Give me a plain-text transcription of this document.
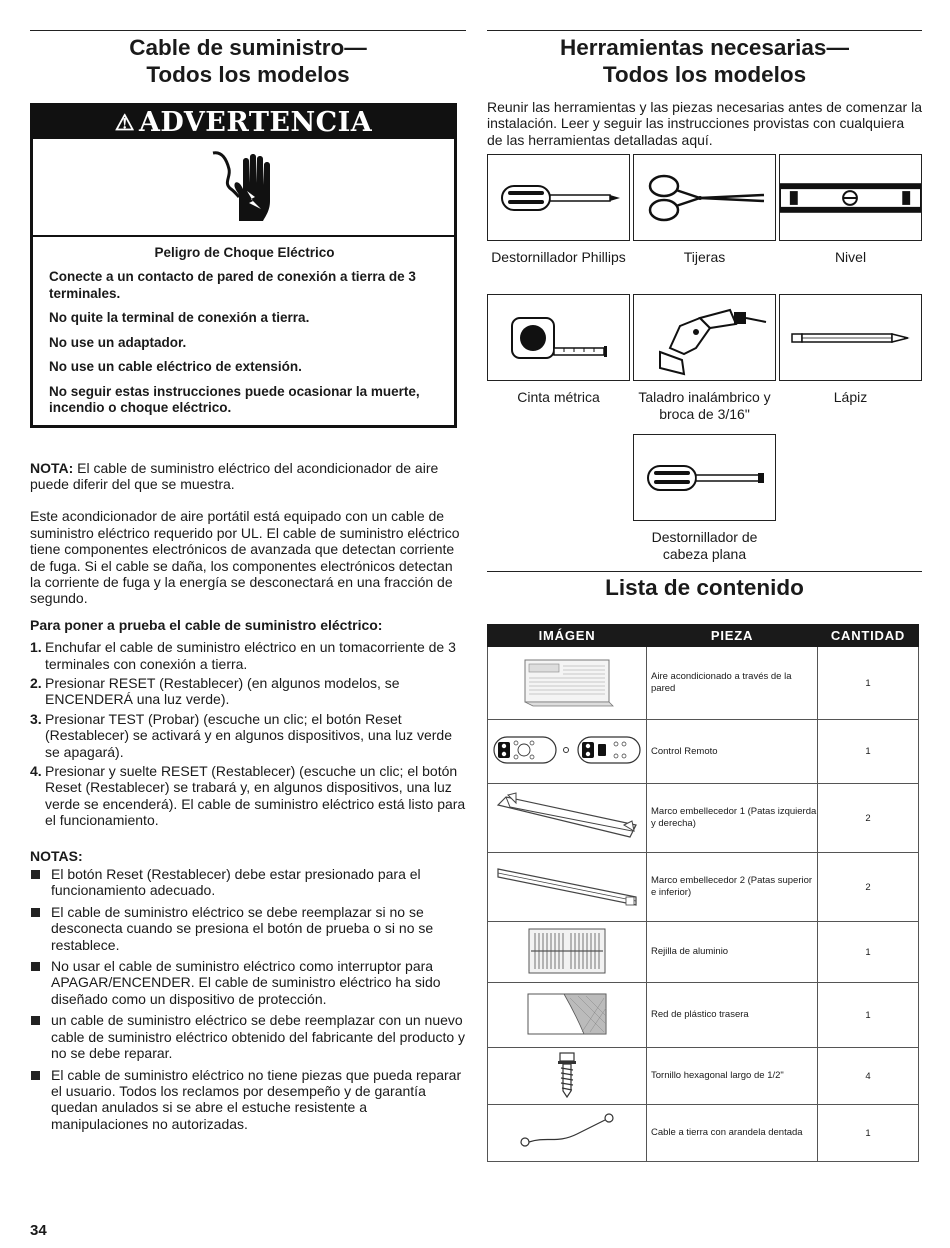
Cable de suministro—
Todos los modelos
⚠ ADVERTENCIA
Peligro de Choque Eléctrico
Conecte a un contacto de pared de conexión a tierra de 3 terminales.
No quite la terminal de conexión a tierra.
No use un adaptador.
No use un cable eléctrico de extensión.
No seguir estas instrucciones puede ocasionar la muerte, incendio o choque eléctrico.

NOTA: El cable de suministro eléctrico del acondicionador de aire puede diferir del que se muestra.

Este acondicionador de aire portátil está equipado con un cable de suministro eléctrico requerido por UL. El cable de suministro eléctrico tiene componentes electrónicos de avanzada que detectan corriente de fuga. Si el cable se daña, los componentes electrónicos detectan la corriente de fuga y la energía se desconectará en una fracción de segundo.

Para poner a prueba el cable de suministro eléctrico:

1. Enchufar el cable de suministro eléctrico en un tomacorriente de 3 terminales con conexión a tierra.
2. Presionar RESET (Restablecer) (en algunos modelos, se ENCENDERÁ una luz verde).
3. Presionar TEST (Probar) (escuche un clic; el botón Reset (Restablecer) se activará y en algunos dispositivos, una luz verde se apagará).
4. Presionar y suelte RESET (Restablecer) (escuche un clic; el botón Reset (Restablecer) se trabará y, en algunos dispositivos, una luz verde se encenderá). El cable de suministro eléctrico está listo para el funcionamiento.

NOTAS:

El botón Reset (Restablecer) debe estar presionado para el funcionamiento adecuado.
El cable de suministro eléctrico se debe reemplazar si no se desconecta cuando se presiona el botón de prueba o si no se restablece.
No usar el cable de suministro eléctrico como interruptor para APAGAR/ENCENDER. El cable de suministro eléctrico ha sido diseñado como un dispositivo de protección.
un cable de suministro eléctrico se debe reemplazar con un nuevo cable de suministro eléctrico obtenido del fabricante del producto y no se debe reparar.
El cable de suministro eléctrico no tiene piezas que pueda reparar el usuario. Todos los reclamos por desempeño y de garantía quedan anulados si se abre el estuche resistente a manipulaciones no autorizadas.
Herramientas necesarias—
Todos los modelos

Reunir las herramientas y las piezas necesarias antes de comenzar la instalación. Leer y seguir las instrucciones provistas con cualquiera de las herramientas detalladas aquí.

Destornillador Phillips	Tijeras	Nivel
Cinta métrica	Taladro inalámbrico y broca de 3/16"
Lápiz
Destornillador de cabeza plana
Lista de contenido
IMÁGEN	PIEZA	CANTIDAD
	Aire acondicionado a través de la pared	1
	Control Remoto	1
	Marco embellecedor 1 (Patas izquierda y derecha)	2
	Marco embellecedor 2 (Patas superior e inferior)	2
	Rejilla de aluminio	1
	Red de plástico trasera	1
	Tornillo hexagonal largo de 1/2"	4
	Cable a tierra con arandela dentada	1
34
